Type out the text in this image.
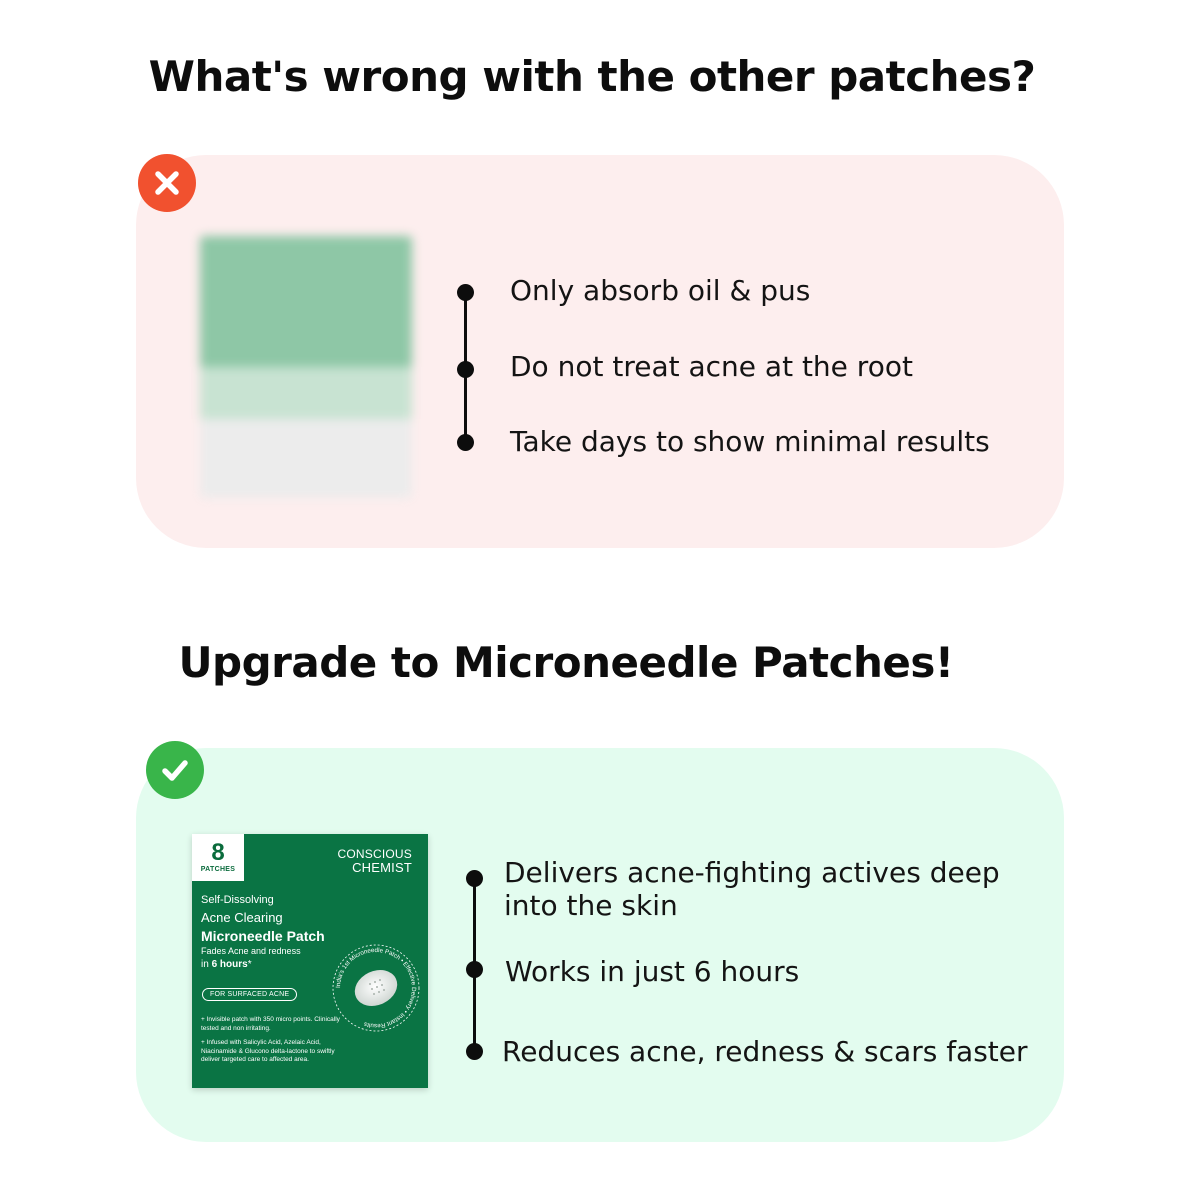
What's wrong with the other patches?
Upgrade to Microneedle Patches!
Only absorb oil & pus
Do not treat acne at the root
Take days to show minimal results
8
PATCHES
CONSCIOUS
CHEMIST
Self-Dissolving
Acne Clearing
Microneedle Patch
Fades Acne and redness
in 6 hours*
FOR SURFACED ACNE
+ Invisible patch with 350 micro points. Clinically tested and non irritating.
+ Infused with Salicylic Acid, Azelaic Acid, Niacinamide & Glucono delta-lactone to swiftly deliver targeted care to affected area.
India's 1st Microneedle Patch • Effective Delivery • Instant Results
Delivers acne-fighting actives deep into the skin
Works in just 6 hours
Reduces acne, redness & scars faster
